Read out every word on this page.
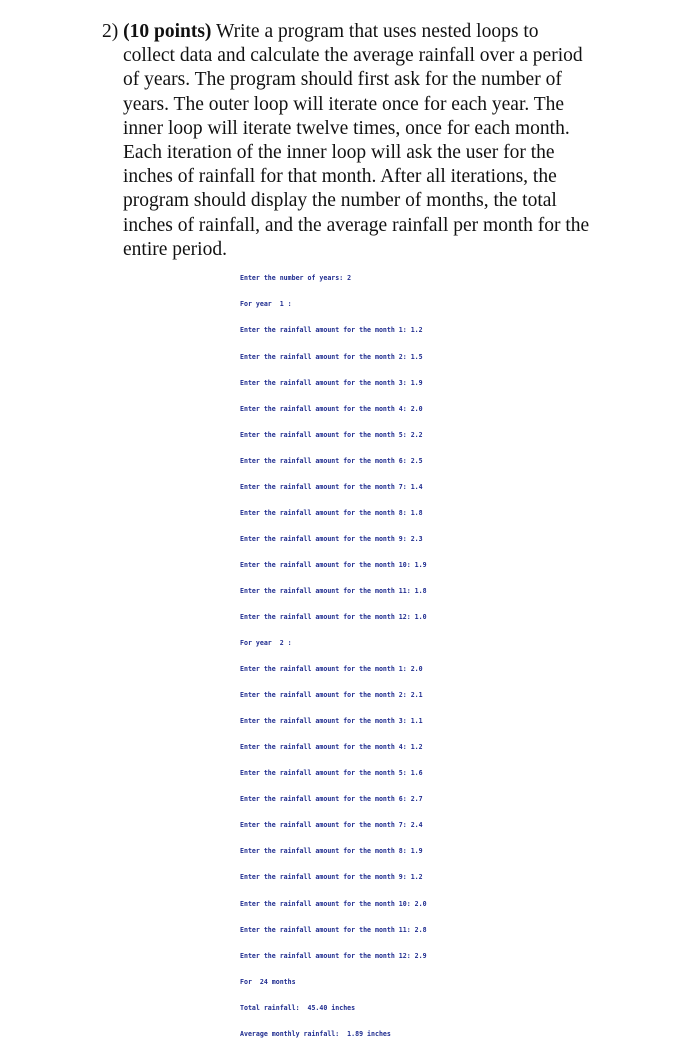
2) (10 points) Write a program that uses nested loops to
collect data and calculate the average rainfall over a period
of years. The program should first ask for the number of
years. The outer loop will iterate once for each year. The
inner loop will iterate twelve times, once for each month.
Each iteration of the inner loop will ask the user for the
inches of rainfall for that month. After all iterations, the
program should display the number of months, the total
inches of rainfall, and the average rainfall per month for the
entire period.

Enter the number of years: 2

For year  1 :

Enter the rainfall amount for the month 1: 1.2

Enter the rainfall amount for the month 2: 1.5

Enter the rainfall amount for the month 3: 1.9

Enter the rainfall amount for the month 4: 2.0

Enter the rainfall amount for the month 5: 2.2

Enter the rainfall amount for the month 6: 2.5

Enter the rainfall amount for the month 7: 1.4

Enter the rainfall amount for the month 8: 1.8

Enter the rainfall amount for the month 9: 2.3

Enter the rainfall amount for the month 10: 1.9

Enter the rainfall amount for the month 11: 1.8

Enter the rainfall amount for the month 12: 1.0

For year  2 :

Enter the rainfall amount for the month 1: 2.0

Enter the rainfall amount for the month 2: 2.1

Enter the rainfall amount for the month 3: 1.1

Enter the rainfall amount for the month 4: 1.2

Enter the rainfall amount for the month 5: 1.6

Enter the rainfall amount for the month 6: 2.7

Enter the rainfall amount for the month 7: 2.4

Enter the rainfall amount for the month 8: 1.9

Enter the rainfall amount for the month 9: 1.2

Enter the rainfall amount for the month 10: 2.0

Enter the rainfall amount for the month 11: 2.8

Enter the rainfall amount for the month 12: 2.9

For  24 months

Total rainfall:  45.40 inches

Average monthly rainfall:  1.89 inches
